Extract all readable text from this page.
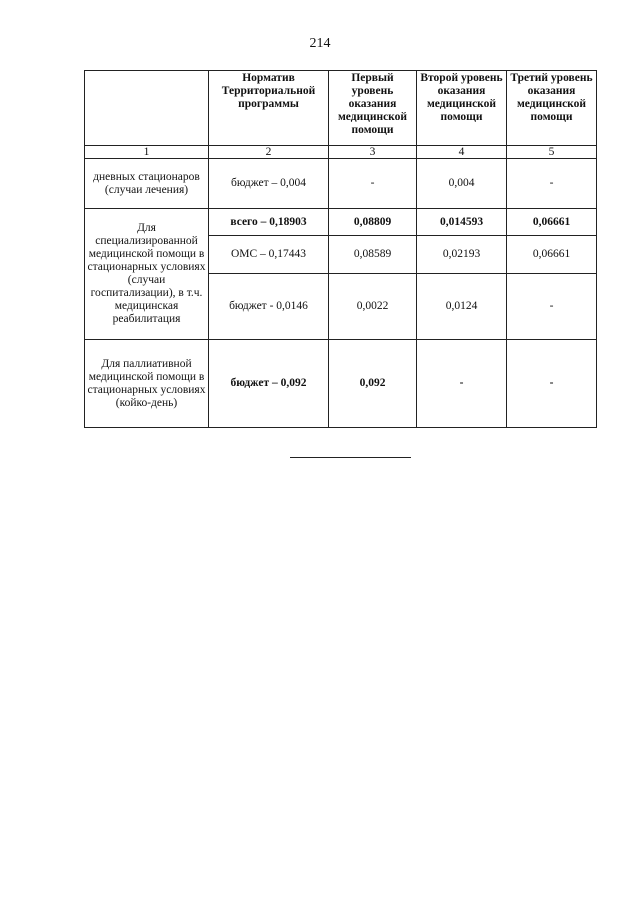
214
	Норматив Территориальной программы	Первый уровень оказания медицинской помощи	Второй уровень оказания медицинской помощи	Третий уровень оказания медицинской помощи
1	2	3	4	5
дневных стационаров (случаи лечения)	бюджет – 0,004	-	0,004	-
Для специализированной медицинской помощи в стационарных условиях (случаи госпитализации), в т.ч. медицинская реабилитация	всего – 0,18903	0,08809	0,014593	0,06661
	ОМС – 0,17443	0,08589	0,02193	0,06661
	бюджет - 0,0146	0,0022	0,0124	-
Для паллиативной медицинской помощи в стационарных условиях (койко-день)	бюджет – 0,092	0,092	-	-
